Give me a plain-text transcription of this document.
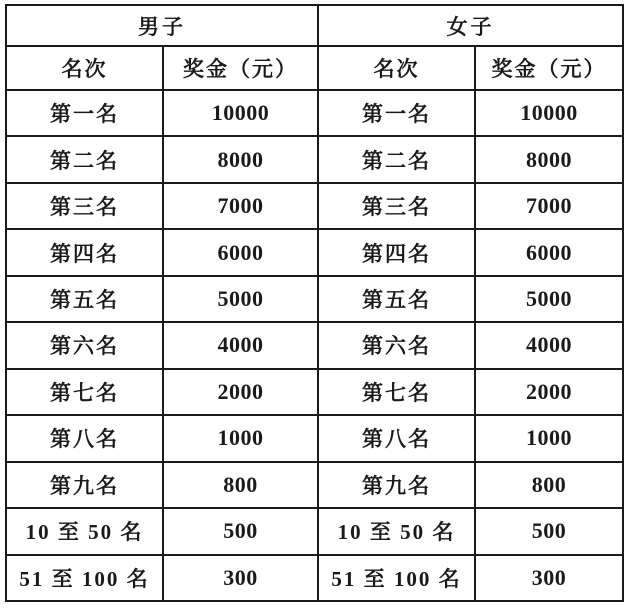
男子		女子	
名次	奖金（元）	名次	奖金（元）
第一名	10000	第一名	10000
第二名	8000	第二名	8000
第三名	7000	第三名	7000
第四名	6000	第四名	6000
第五名	5000	第五名	5000
第六名	4000	第六名	4000
第七名	2000	第七名	2000
第八名	1000	第八名	1000
第九名	800	第九名	800
10 至 50 名	500	10 至 50 名	500
51 至 100 名	300	51 至 100 名	300
